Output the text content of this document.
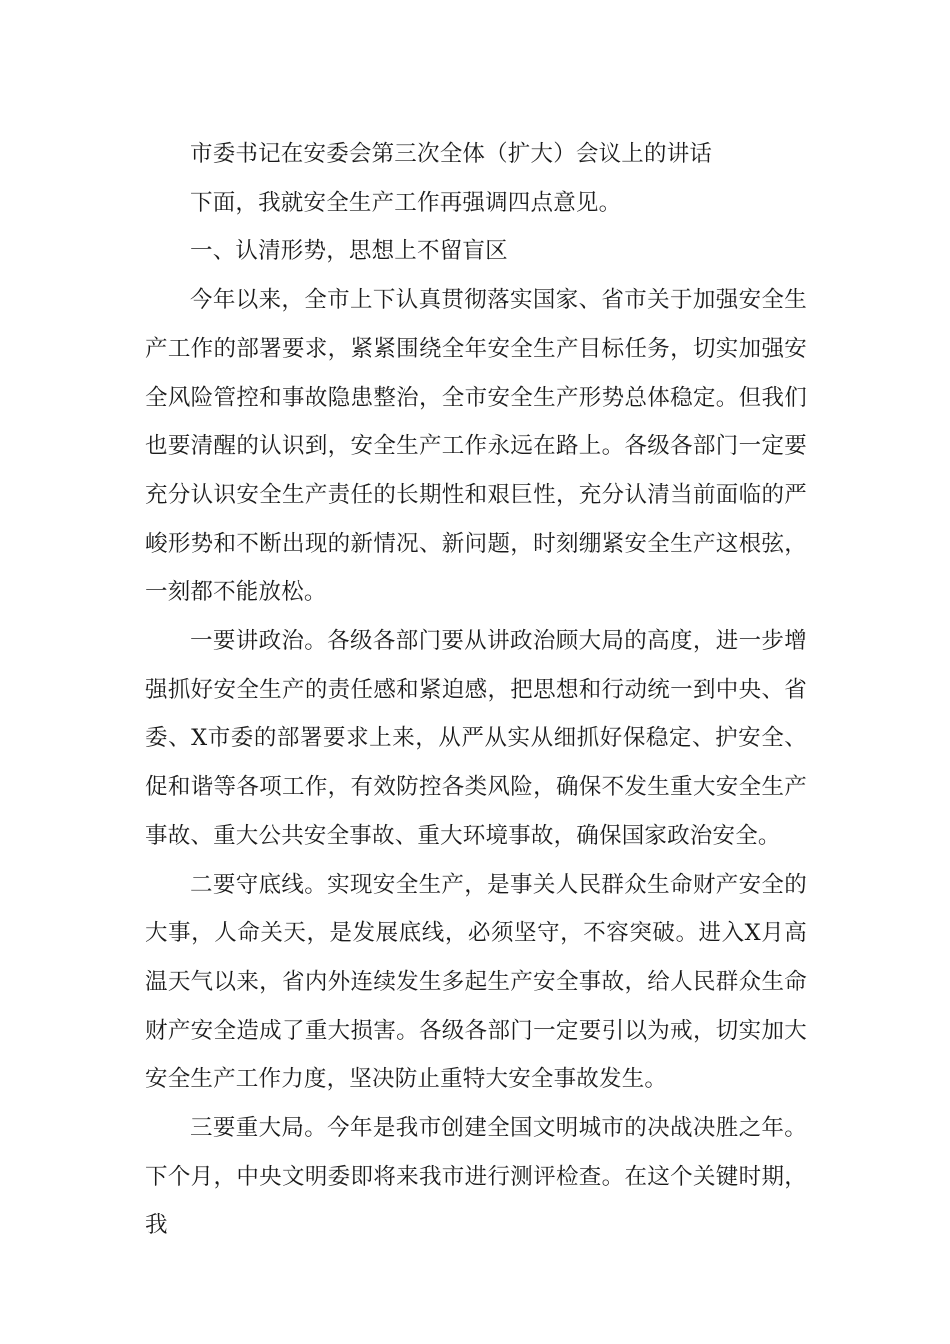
市委书记在安委会第三次全体（扩大）会议上的讲话

下面，我就安全生产工作再强调四点意见。

一、认清形势，思想上不留盲区

今年以来，全市上下认真贯彻落实国家、省市关于加强安全生产工作的部署要求，紧紧围绕全年安全生产目标任务，切实加强安全风险管控和事故隐患整治，全市安全生产形势总体稳定。但我们也要清醒的认识到，安全生产工作永远在路上。各级各部门一定要充分认识安全生产责任的长期性和艰巨性，充分认清当前面临的严峻形势和不断出现的新情况、新问题，时刻绷紧安全生产这根弦，一刻都不能放松。

一要讲政治。各级各部门要从讲政治顾大局的高度，进一步增强抓好安全生产的责任感和紧迫感，把思想和行动统一到中央、省委、X市委的部署要求上来，从严从实从细抓好保稳定、护安全、促和谐等各项工作，有效防控各类风险，确保不发生重大安全生产事故、重大公共安全事故、重大环境事故，确保国家政治安全。

二要守底线。实现安全生产，是事关人民群众生命财产安全的大事，人命关天，是发展底线，必须坚守，不容突破。进入X月高温天气以来，省内外连续发生多起生产安全事故，给人民群众生命财产安全造成了重大损害。各级各部门一定要引以为戒，切实加大安全生产工作力度，坚决防止重特大安全事故发生。

三要重大局。今年是我市创建全国文明城市的决战决胜之年。下个月，中央文明委即将来我市进行测评检查。在这个关键时期，我
